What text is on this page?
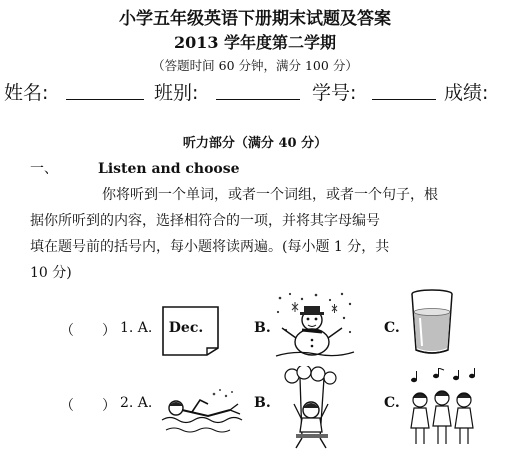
小学五年级英语下册期末试题及答案
2013 学年度第二学期
（答题时间 60 分钟，满分 100 分）
姓名:	班别:	学号:	成绩:
听力部分（满分 40 分）
一、	Listen and choose
你将听到一个单词，或者一个词组，或者一个句子，根
据你所听到的内容，选择相符合的一项，并将其字母编号
填在题号前的括号内，每小题将读两遍。(每小题 1 分，共
10 分)
（　　） 1. A. Dec.	B.	C.
（　　） 2. A.	B.	C.
